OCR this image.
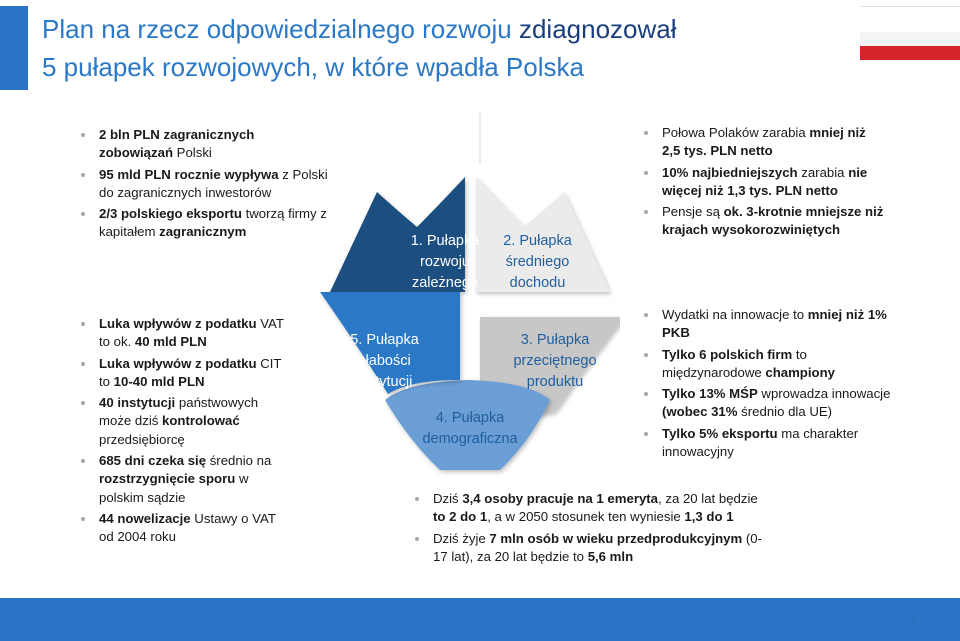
Plan na rzecz odpowiedzialnego rozwoju zdiagnozował
5 pułapek rozwojowych, w które wpadła Polska
2 bln PLN zagranicznych zobowiązań Polski
95 mld PLN rocznie wypływa z Polski do zagranicznych inwestorów
2/3 polskiego eksportu tworzą firmy z kapitałem zagranicznym
Połowa Polaków zarabia mniej niż 2,5 tys. PLN netto
10% najbiedniejszych zarabia nie więcej niż 1,3 tys. PLN netto
Pensje są ok. 3-krotnie mniejsze niż krajach wysokorozwiniętych
Luka wpływów z podatku VAT to ok. 40 mld PLN
Luka wpływów z podatku CIT to 10-40 mld PLN
40 instytucji państwowych może dziś kontrolować przedsiębiorcę
685 dni czeka się średnio na rozstrzygnięcie sporu w polskim sądzie
44 nowelizacje Ustawy o VAT od 2004 roku
Wydatki na innowacje to mniej niż 1% PKB
Tylko 6 polskich firm to międzynarodowe championy
Tylko 13% MŚP wprowadza innowacje (wobec 31% średnio dla UE)
Tylko 5% eksportu ma charakter innowacyjny
Dziś 3,4 osoby pracuje na 1 emeryta, za 20 lat będzie to 2 do 1, a w 2050 stosunek ten wyniesie 1,3 do 1
Dziś żyje 7 mln osób w wieku przedprodukcyjnym (0-17 lat), za 20 lat będzie to 5,6 mln
1. Pułapka
rozwoju
zależnego
2. Pułapka
średniego
dochodu
3. Pułapka
przeciętnego
produktu
4. Pułapka
demograficzna
5. Pułapka
słabości
instytucji
4
